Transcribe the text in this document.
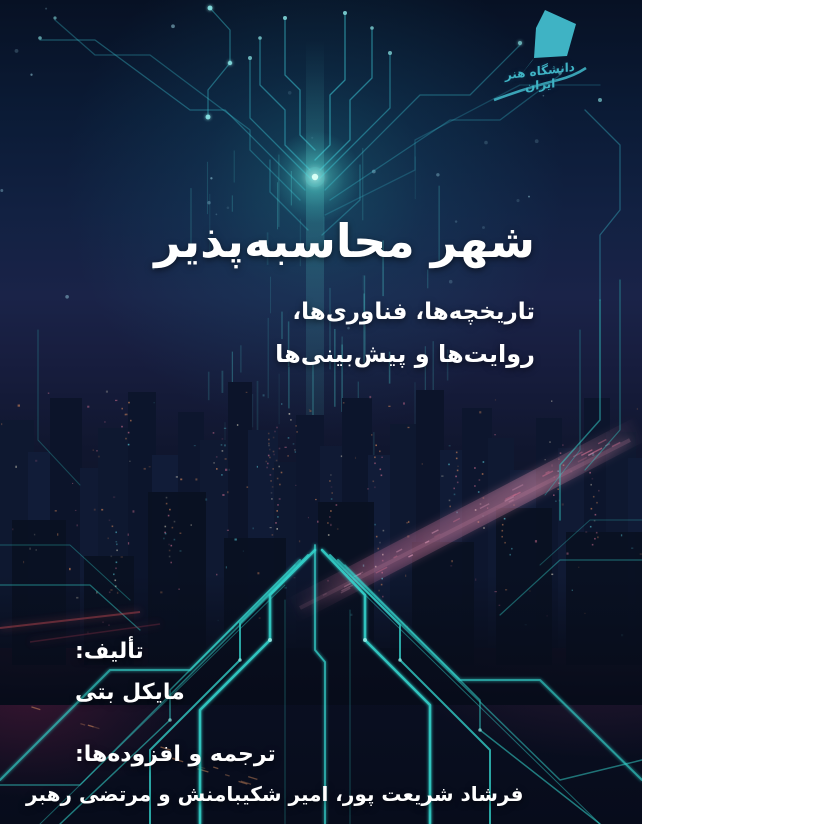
دانشگاه هنر ایران
شهر محاسبه‌پذیر
تاریخچه‌ها، فناوری‌ها،
روایت‌ها و پیش‌بینی‌ها
تألیف:
مایکل بتی
ترجمه و افزوده‌ها:
فرشاد شریعت پور، امیر شکیبامنش و مرتضی رهبر
